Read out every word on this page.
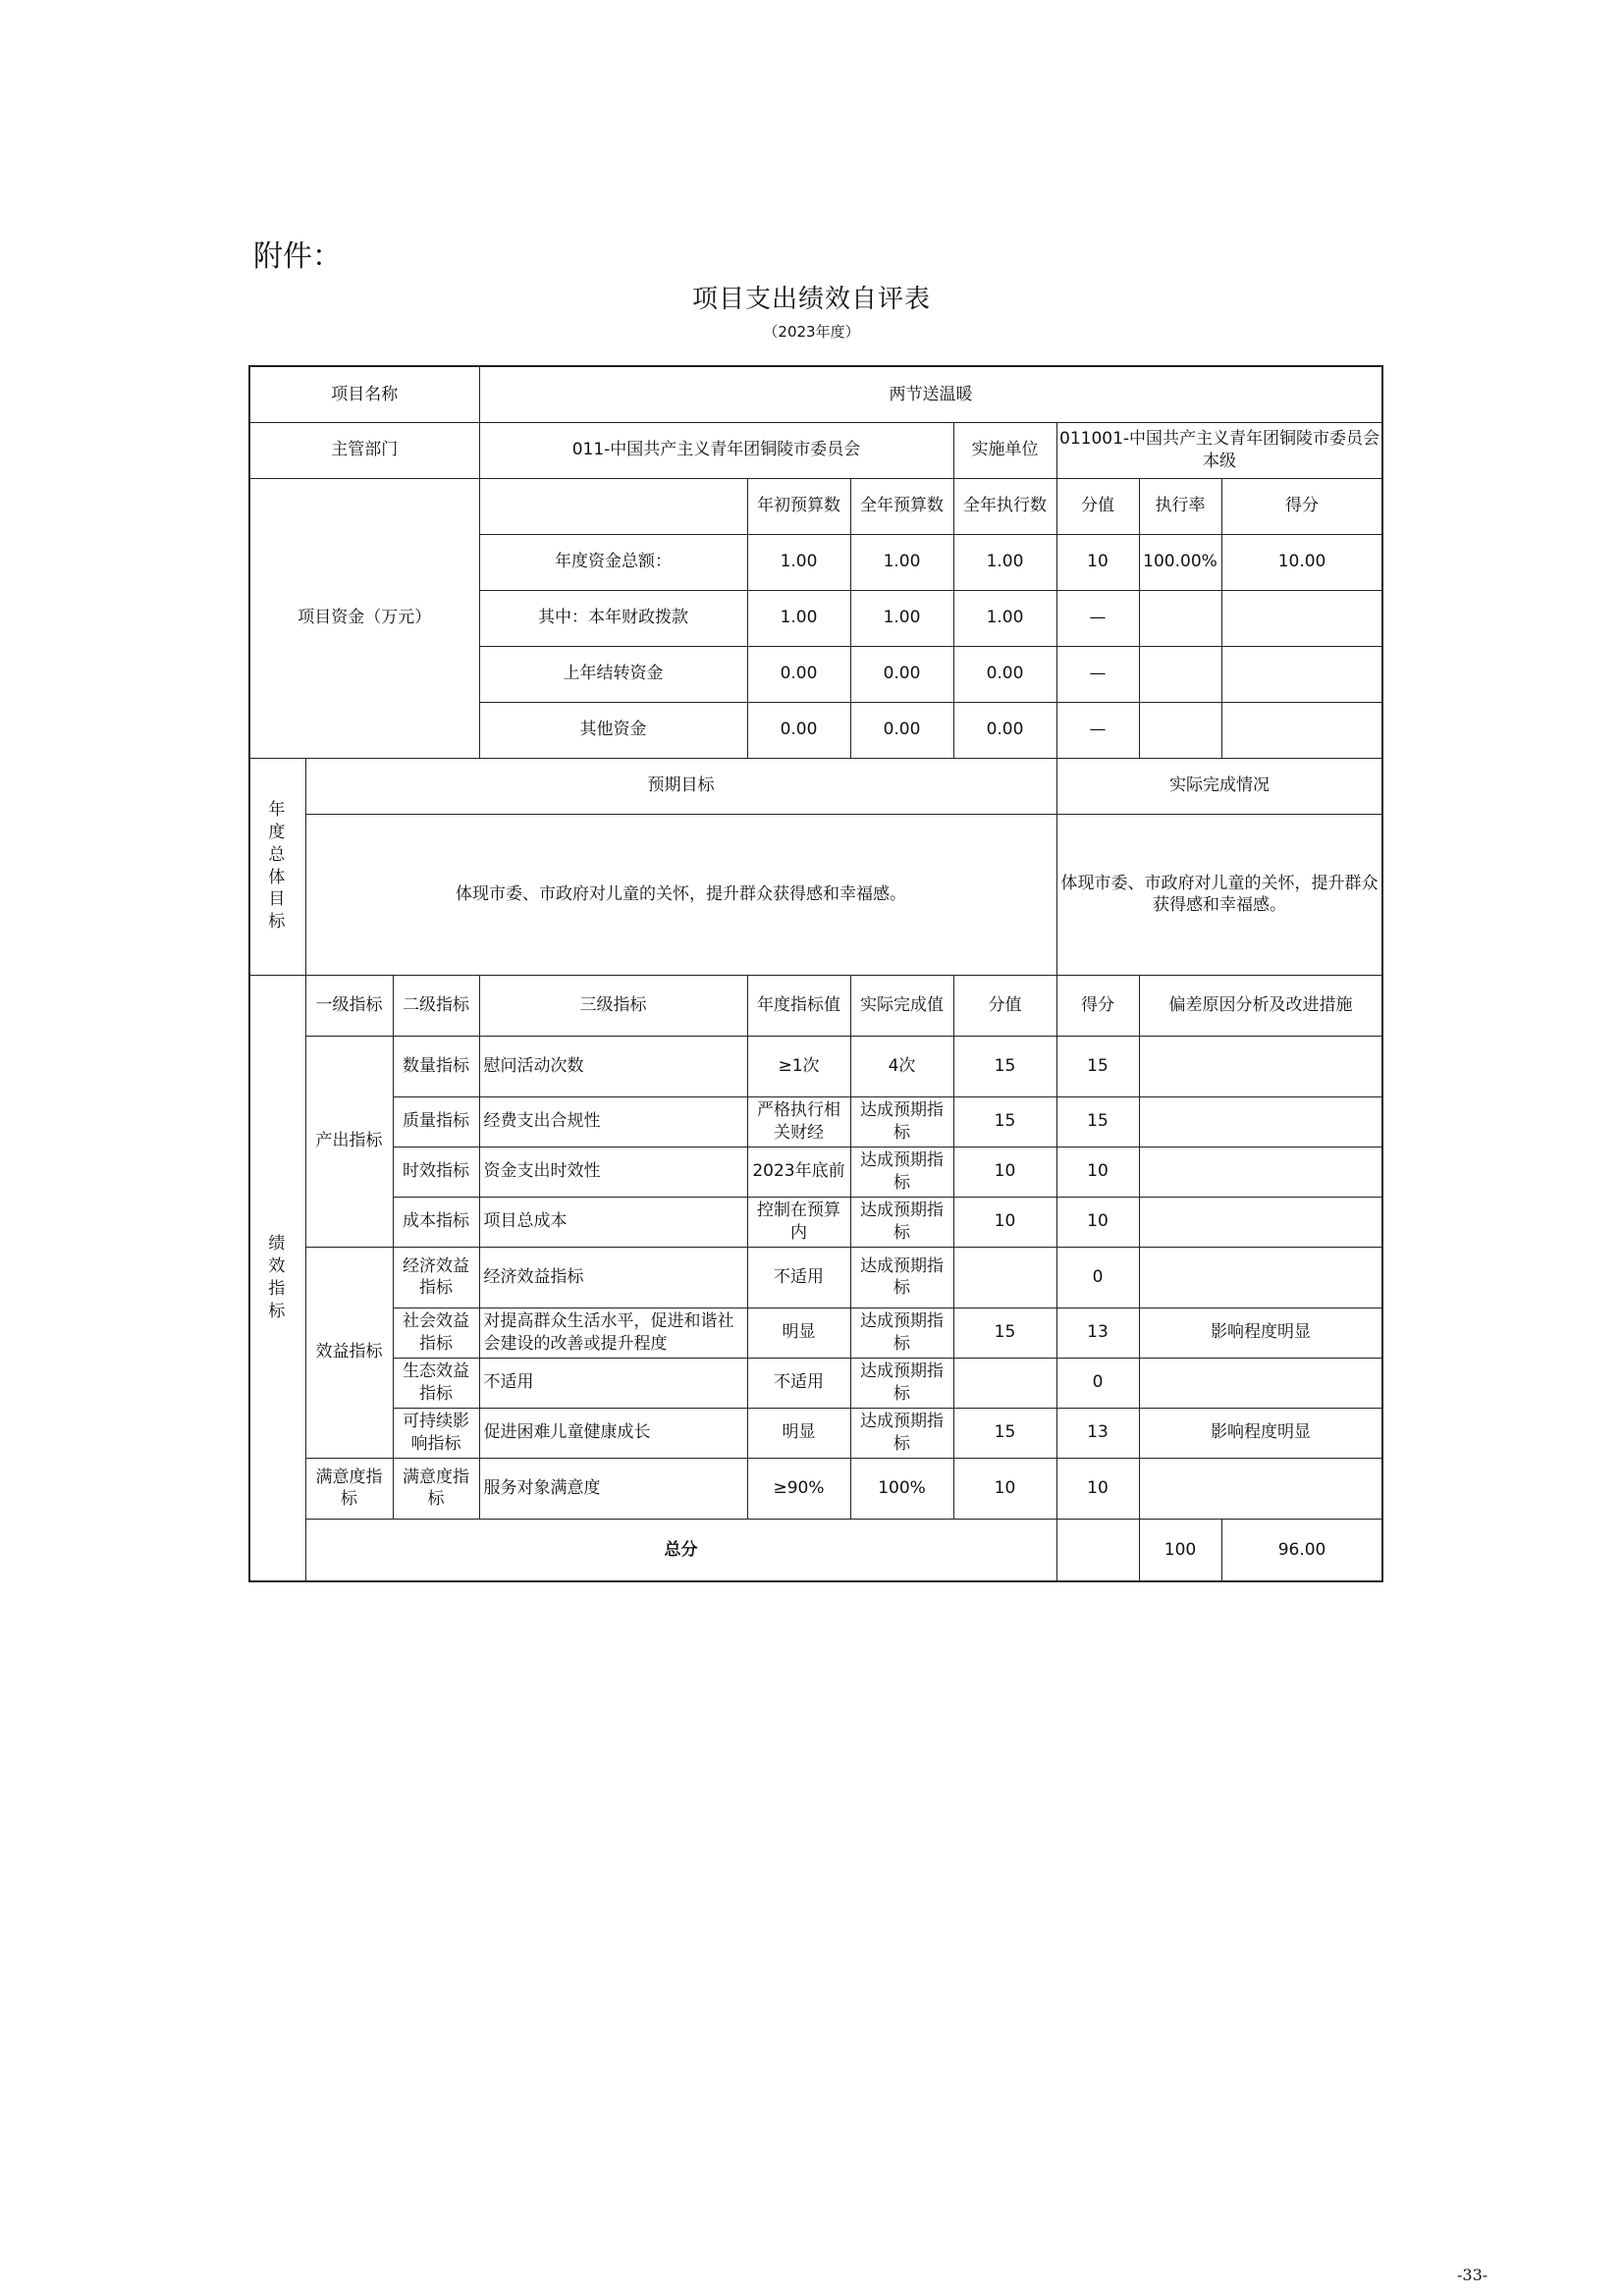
附件：
项目支出绩效自评表
（2023年度）
项目名称			两节送温暖							
主管部门			011-中国共产主义青年团铜陵市委员会			实施单位	011001-中国共产主义青年团铜陵市委员会本级			
项目资金（万元）				年初预算数	全年预算数	全年执行数	分值	执行率	得分	
			年度资金总额：	1.00	1.00	1.00	10	100.00%	10.00	
			其中：本年财政拨款	1.00	1.00	1.00	—			
			上年结转资金	0.00	0.00	0.00	—			
			其他资金	0.00	0.00	0.00	—			
年度总体目标	预期目标						实际完成情况			
	体现市委、市政府对儿童的关怀，提升群众获得感和幸福感。						体现市委、市政府对儿童的关怀，提升群众获得感和幸福感。			
绩效指标	一级指标	二级指标	三级指标	年度指标值	实际完成值	分值	得分	偏差原因分析及改进措施		
	产出指标	数量指标	慰问活动次数	≥1次	4次	15	15			
		质量指标	经费支出合规性	严格执行相关财经	达成预期指标	15	15			
		时效指标	资金支出时效性	2023年底前	达成预期指标	10	10			
		成本指标	项目总成本	控制在预算内	达成预期指标	10	10			
	效益指标	经济效益指标	经济效益指标	不适用	达成预期指标		0			
		社会效益指标	对提高群众生活水平，促进和谐社会建设的改善或提升程度	明显	达成预期指标	15	13	影响程度明显		
		生态效益指标	不适用	不适用	达成预期指标		0			
		可持续影响指标	促进困难儿童健康成长	明显	达成预期指标	15	13	影响程度明显		
	满意度指标	满意度指标	服务对象满意度	≥90%	100%	10	10			
	总分							100	96.00	
-33-
